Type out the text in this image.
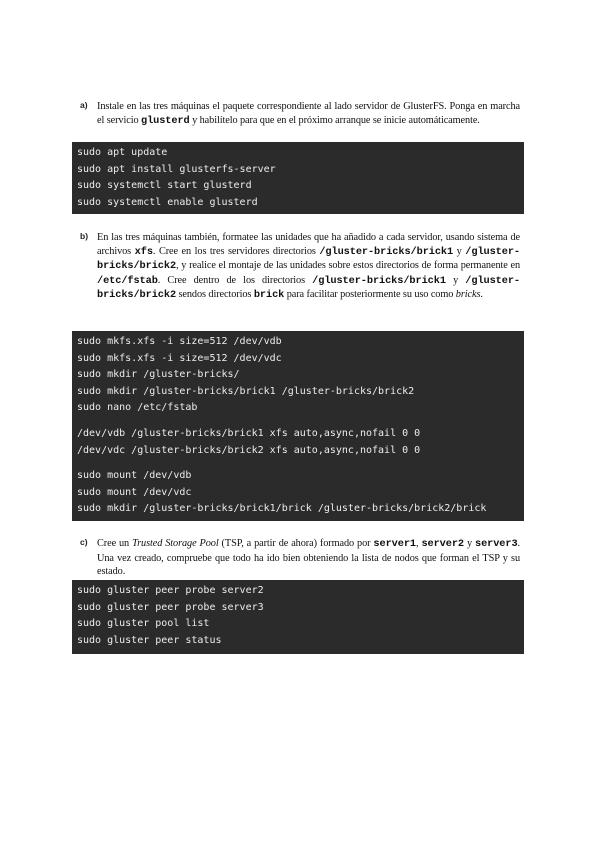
a) Instale en las tres máquinas el paquete correspondiente al lado servidor de GlusterFS. Ponga en marcha el servicio glusterd y habilítelo para que en el próximo arranque se inicie automáticamente.
sudo apt update
sudo apt install glusterfs-server
sudo systemctl start glusterd
sudo systemctl enable glusterd
b) En las tres máquinas también, formatee las unidades que ha añadido a cada servidor, usando sistema de archivos xfs. Cree en los tres servidores directorios /gluster-bricks/brick1 y /gluster-bricks/brick2, y realice el montaje de las unidades sobre estos directorios de forma permanente en /etc/fstab. Cree dentro de los directorios /gluster-bricks/brick1 y /gluster-bricks/brick2 sendos directorios brick para facilitar posteriormente su uso como bricks.
sudo mkfs.xfs -i size=512 /dev/vdb
sudo mkfs.xfs -i size=512 /dev/vdc
sudo mkdir /gluster-bricks/
sudo mkdir /gluster-bricks/brick1 /gluster-bricks/brick2
sudo nano /etc/fstab
/dev/vdb /gluster-bricks/brick1 xfs auto,async,nofail 0 0
/dev/vdc /gluster-bricks/brick2 xfs auto,async,nofail 0 0
sudo mount /dev/vdb
sudo mount /dev/vdc
sudo mkdir /gluster-bricks/brick1/brick /gluster-bricks/brick2/brick
c) Cree un Trusted Storage Pool (TSP, a partir de ahora) formado por server1, server2 y server3. Una vez creado, compruebe que todo ha ido bien obteniendo la lista de nodos que forman el TSP y su estado.
sudo gluster peer probe server2
sudo gluster peer probe server3
sudo gluster pool list
sudo gluster peer status
